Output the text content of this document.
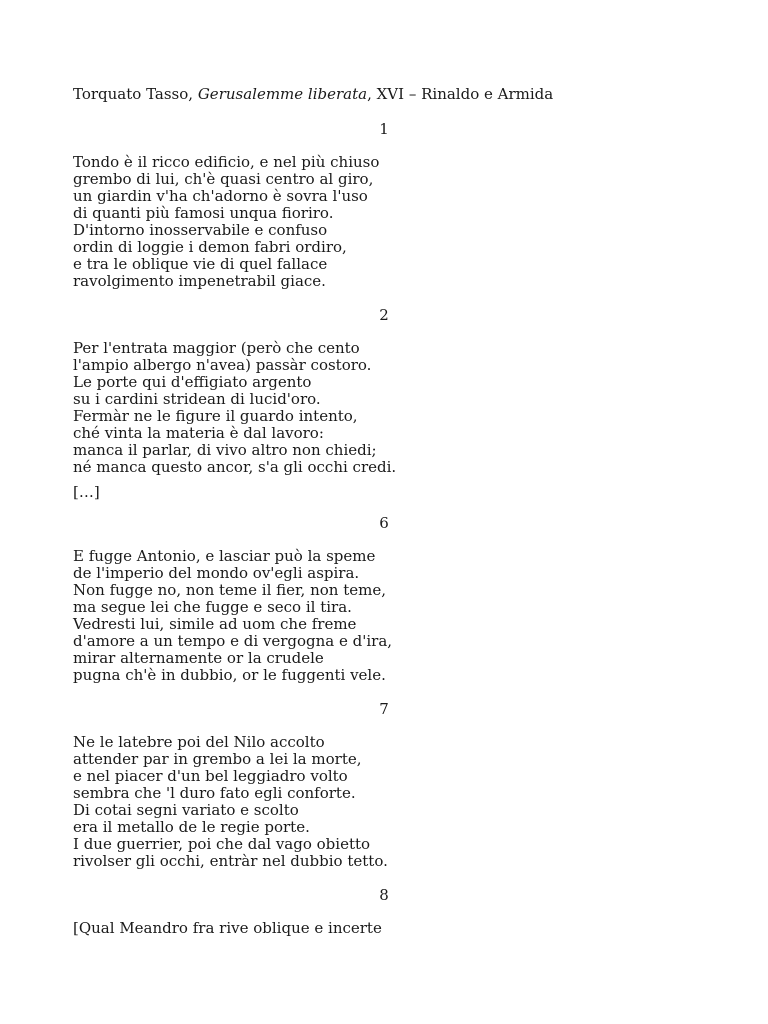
Torquato Tasso, Gerusalemme liberata, XVI – Rinaldo e Armida
1
Tondo è il ricco edificio, e nel più chiuso
grembo di lui, ch'è quasi centro al giro,
un giardin v'ha ch'adorno è sovra l'uso
di quanti più famosi unqua fioriro.
D'intorno inosservabile e confuso
ordin di loggie i demon fabri ordiro,
e tra le oblique vie di quel fallace
ravolgimento impenetrabil giace.
2
Per l'entrata maggior (però che cento
l'ampio albergo n'avea) passàr costoro.
Le porte qui d'effigiato argento
su i cardini stridean di lucid'oro.
Fermàr ne le figure il guardo intento,
ché vinta la materia è dal lavoro:
manca il parlar, di vivo altro non chiedi;
né manca questo ancor, s'a gli occhi credi.
[…]
6
E fugge Antonio, e lasciar può la speme
de l'imperio del mondo ov'egli aspira.
Non fugge no, non teme il fier, non teme,
ma segue lei che fugge e seco il tira.
Vedresti lui, simile ad uom che freme
d'amore a un tempo e di vergogna e d'ira,
mirar alternamente or la crudele
pugna ch'è in dubbio, or le fuggenti vele.
7
Ne le latebre poi del Nilo accolto
attender par in grembo a lei la morte,
e nel piacer d'un bel leggiadro volto
sembra che 'l duro fato egli conforte.
Di cotai segni variato e scolto
era il metallo de le regie porte.
I due guerrier, poi che dal vago obietto
rivolser gli occhi, entràr nel dubbio tetto.
8
[Qual Meandro fra rive oblique e incerte
